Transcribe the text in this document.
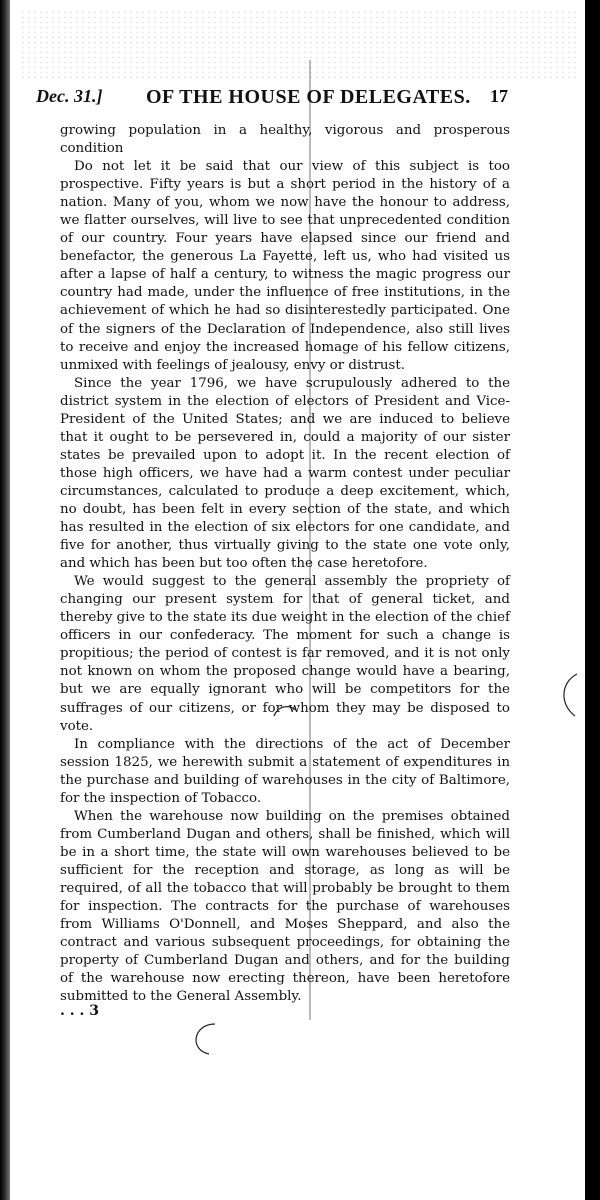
Dec. 31.] OF THE HOUSE OF DELEGATES. 17

growing population in a healthy, vigorous and prosperous condition

Do not let it be said that our view of this subject is too prospective. Fifty years is but a short period in the history of a nation. Many of you, whom we now have the honour to address, we flatter ourselves, will live to see that unprecedented condition of our country. Four years have elapsed since our friend and benefactor, the generous La Fayette, left us, who had visited us after a lapse of half a century, to witness the magic progress our country had made, under the influence of free institutions, in the achievement of which he had so disinterestedly participated. One of the signers of the Declaration of Independence, also still lives to receive and enjoy the increased homage of his fellow citizens, unmixed with feelings of jealousy, envy or distrust.

Since the year 1796, we have scrupulously adhered to the district system in the election of electors of President and Vice-President of the United States; and we are induced to believe that it ought to be persevered in, could a majority of our sister states be prevailed upon to adopt it. In the recent election of those high officers, we have had a warm contest under peculiar circumstances, calculated to produce a deep excitement, which, no doubt, has been felt in every section of the state, and which has resulted in the election of six electors for one candidate, and five for another, thus virtually giving to the state one vote only, and which has been but too often the case heretofore.

We would suggest to the general assembly the propriety of changing our present system for that of general ticket, and thereby give to the state its due weight in the election of the chief officers in our confederacy. The moment for such a change is propitious; the period of contest is far removed, and it is not only not known on whom the proposed change would have a bearing, but we are equally ignorant who will be competitors for the suffrages of our citizens, or for whom they may be disposed to vote.

In compliance with the directions of the act of December session 1825, we herewith submit a statement of expenditures in the purchase and building of warehouses in the city of Baltimore, for the inspection of Tobacco.

When the warehouse now building on the premises obtained from Cumberland Dugan and others, shall be finished, which will be in a short time, the state will own warehouses believed to be sufficient for the reception and storage, as long as will be required, of all the tobacco that will probably be brought to them for inspection. The contracts for the purchase of warehouses from Williams O'Donnell, and Moses Sheppard, and also the contract and various subsequent proceedings, for obtaining the property of Cumberland Dugan and others, and for the building of the warehouse now erecting thereon, have been heretofore submitted to the General Assembly.

. . . 3
